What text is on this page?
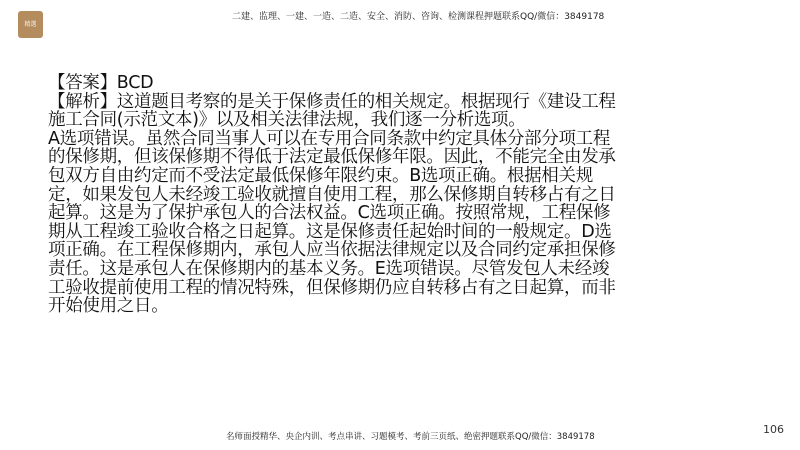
精選
二建、监理、一建、一造、二造、安全、消防、咨询、检测课程押题联系QQ/微信：3849178

【答案】BCD

【解析】这道题目考察的是关于保修责任的相关规定。根据现行《建设工程施工合同(示范文本)》以及相关法律法规，我们逐一分析选项。

A选项错误。虽然合同当事人可以在专用合同条款中约定具体分部分项工程的保修期，但该保修期不得低于法定最低保修年限。因此，不能完全由发承包双方自由约定而不受法定最低保修年限约束。B选项正确。根据相关规定，如果发包人未经竣工验收就擅自使用工程，那么保修期自转移占有之日起算。这是为了保护承包人的合法权益。C选项正确。按照常规，工程保修期从工程竣工验收合格之日起算。这是保修责任起始时间的一般规定。D选项正确。在工程保修期内，承包人应当依据法律规定以及合同约定承担保修责任。这是承包人在保修期内的基本义务。E选项错误。尽管发包人未经竣工验收提前使用工程的情况特殊，但保修期仍应自转移占有之日起算，而非开始使用之日。

106
名师面授精华、央企内训、考点串讲、习题模考、考前三页纸、绝密押题联系QQ/微信：3849178
